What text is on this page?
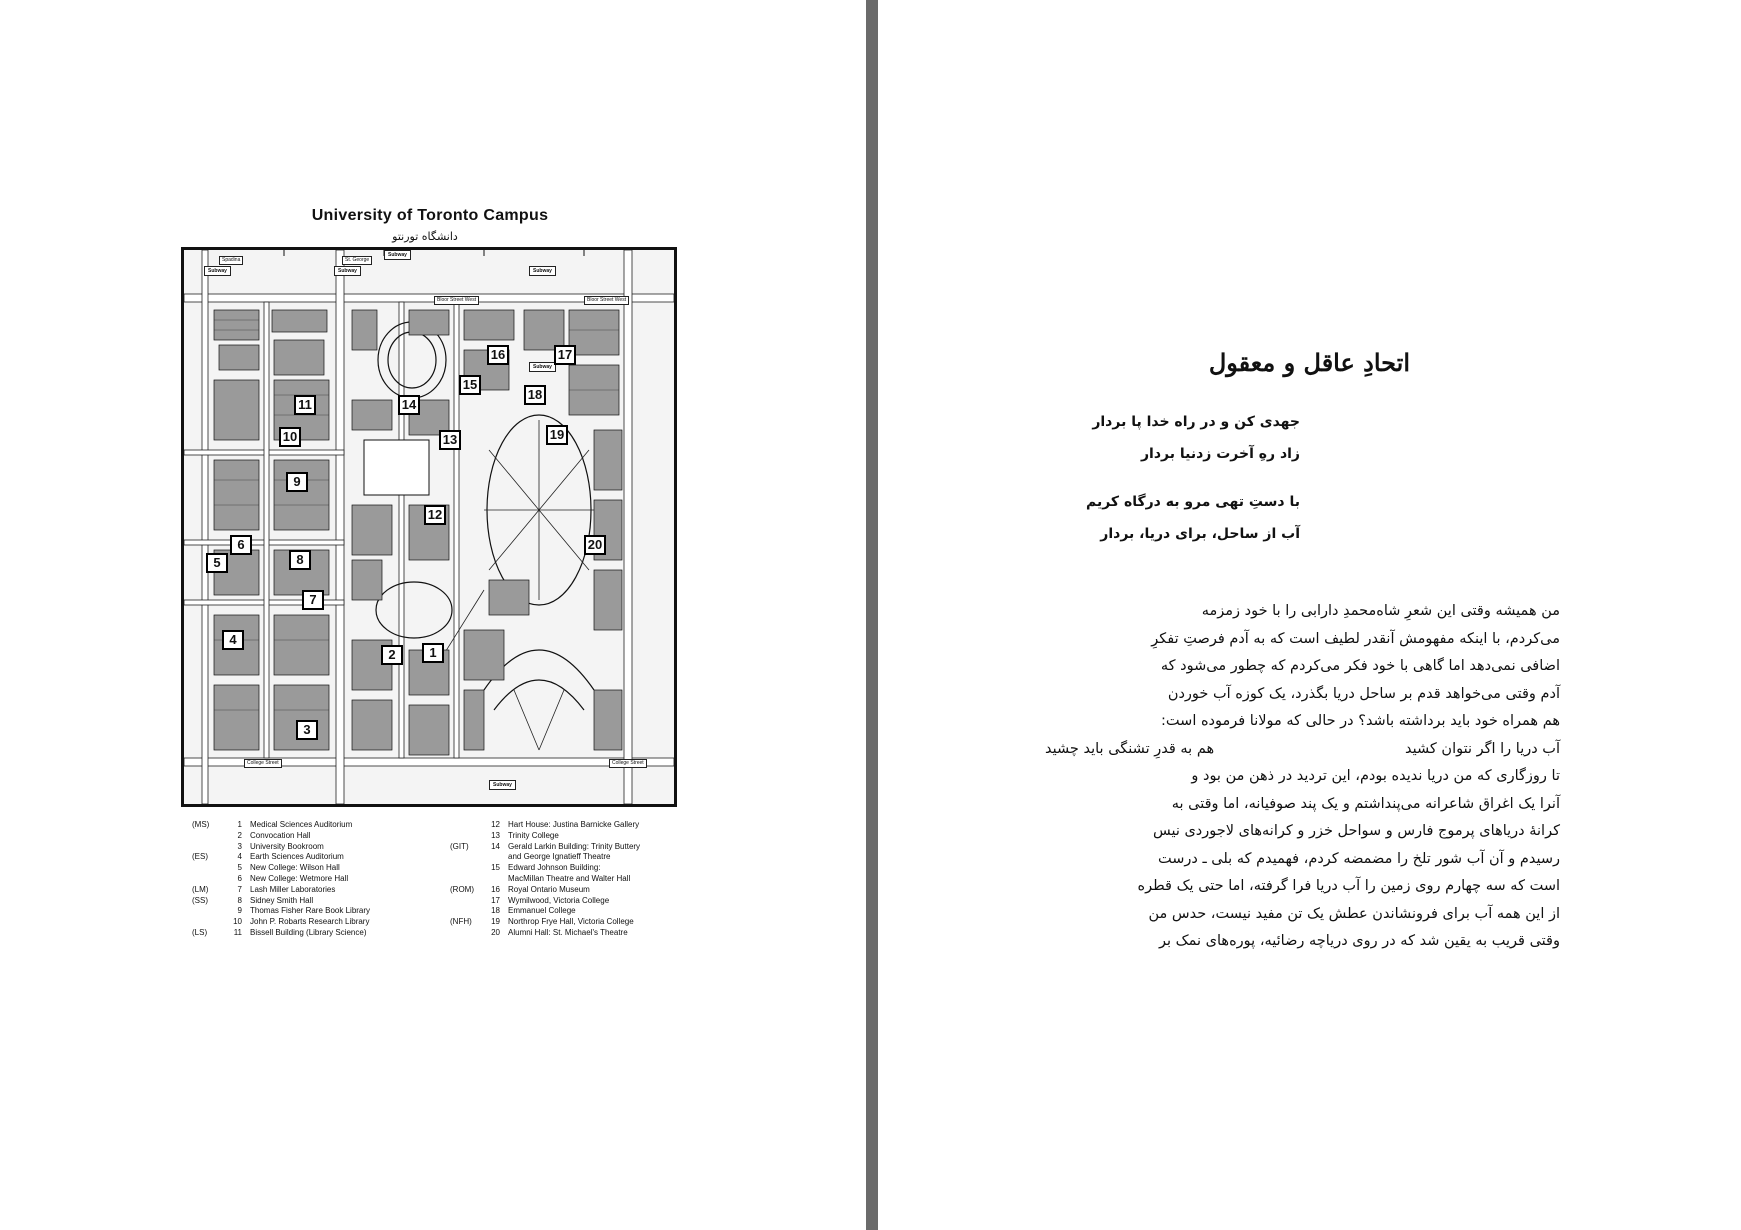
University of Toronto Campus
دانشگاه تورنتو
Bloor Street West	Bloor Street West
College Street	College Street
St. George
Spadina
Subway	Subway
Subway
Subway
Subway
Subway
1
2
3
4
5
6
7
8
9
10
11
12
13
14
15
16	17
18
19
20
(MS)	1 Medical Sciences Auditorium
2 Convocation Hall
3 University Bookroom
(ES)	4 Earth Sciences Auditorium
5 New College: Wilson Hall
6 New College: Wetmore Hall
(LM)	7 Lash Miller Laboratories
(SS)	8 Sidney Smith Hall
9 Thomas Fisher Rare Book Library
10 John P. Robarts Research Library
(LS)	11 Bissell Building (Library Science)
12 Hart House: Justina Barnicke Gallery
13 Trinity College
(GIT)	14 Gerald Larkin Building: Trinity Buttery
and George Ignatieff Theatre
15 Edward Johnson Building:
MacMillan Theatre and Walter Hall
(ROM)	16 Royal Ontario Museum
17 Wymilwood, Victoria College
18 Emmanuel College
(NFH)	19 Northrop Frye Hall, Victoria College
20 Alumni Hall: St. Michael's Theatre
اتحادِ عاقل و معقول
جهدی کن و در راه خدا پا بردار
زاد رهِ آخرت زدنیا بردار
با دستِ تهی مرو به درگاه کریم
آب از ساحل، برای دریا، بردار
من همیشه وقتی این شعرِ شاه‌محمدِ دارابی را با خود زمزمه
می‌کردم، با اینکه مفهومش آنقدر لطیف است که به آدم فرصتِ تفکرِ
اضافی نمی‌دهد اما گاهی با خود فکر می‌کردم که چطور می‌شود که
آدم وقتی می‌خواهد قدم بر ساحل دریا بگذرد، یک کوزه آب خوردن
هم همراه خود باید برداشته باشد؟ در حالی که مولانا فرموده است:
آب دریا را اگر نتوان کشید
هم به قدرِ تشنگی باید چشید
تا روزگاری که من دریا ندیده بودم، این تردید در ذهن من بود و
آنرا یک اغراق شاعرانه می‌پنداشتم و یک پند صوفیانه، اما وقتی به
کرانهٔ دریاهای پرموج فارس و سواحل خزر و کرانه‌های لاجوردی نیس
رسیدم و آن آب شور تلخ را مضمضه کردم، فهمیدم که بلی ـ درست
است که سه چهارم روی زمین را آب دریا فرا گرفته، اما حتی یک قطره
از این همه آب برای فرونشاندن عطش یک تن مفید نیست، حدس من
وقتی قریب به یقین شد که در روی دریاچه رضائیه، پوره‌های نمک بر
